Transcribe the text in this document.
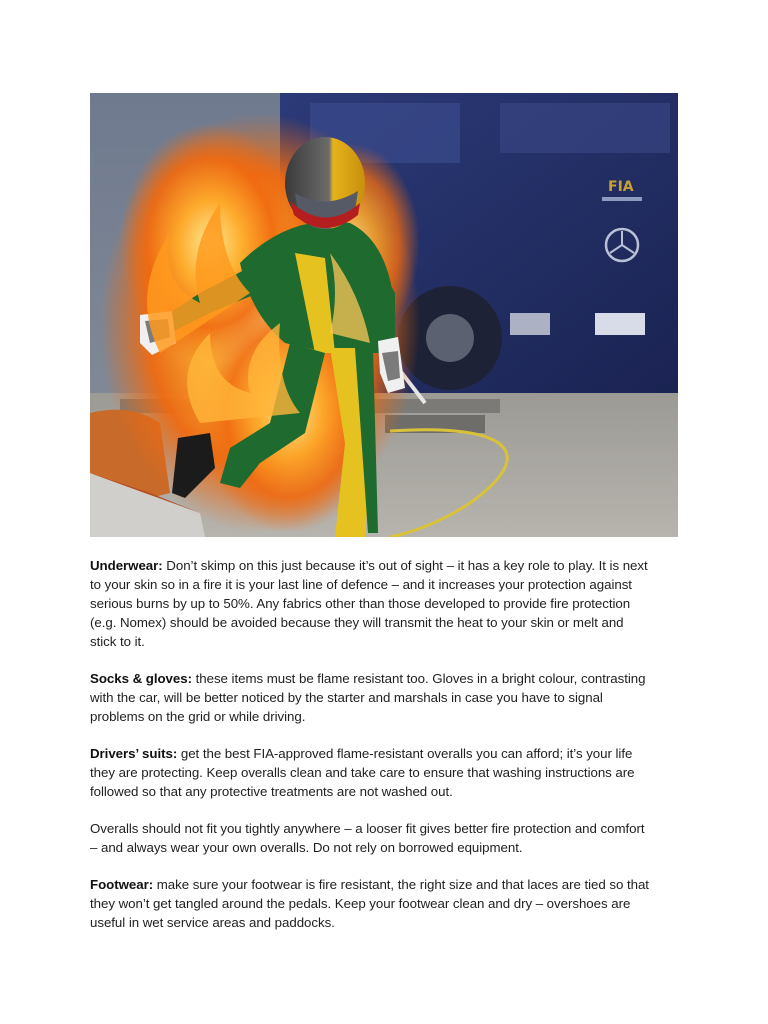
FIA

Underwear: Don’t skimp on this just because it’s out of sight – it has a key role to play. It is next to your skin so in a fire it is your last line of defence – and it increases your protection against serious burns by up to 50%. Any fabrics other than those developed to provide fire protection (e.g. Nomex) should be avoided because they will transmit the heat to your skin or melt and stick to it.

Socks & gloves: these items must be flame resistant too. Gloves in a bright colour, contrasting with the car, will be better noticed by the starter and marshals in case you have to signal problems on the grid or while driving.

Drivers’ suits: get the best FIA-approved flame-resistant overalls you can afford; it’s your life they are protecting. Keep overalls clean and take care to ensure that washing instructions are followed so that any protective treatments are not washed out.

Overalls should not fit you tightly anywhere – a looser fit gives better fire protection and comfort – and always wear your own overalls. Do not rely on borrowed equipment.

Footwear: make sure your footwear is fire resistant, the right size and that laces are tied so that they won’t get tangled around the pedals. Keep your footwear clean and dry – overshoes are useful in wet service areas and paddocks.
